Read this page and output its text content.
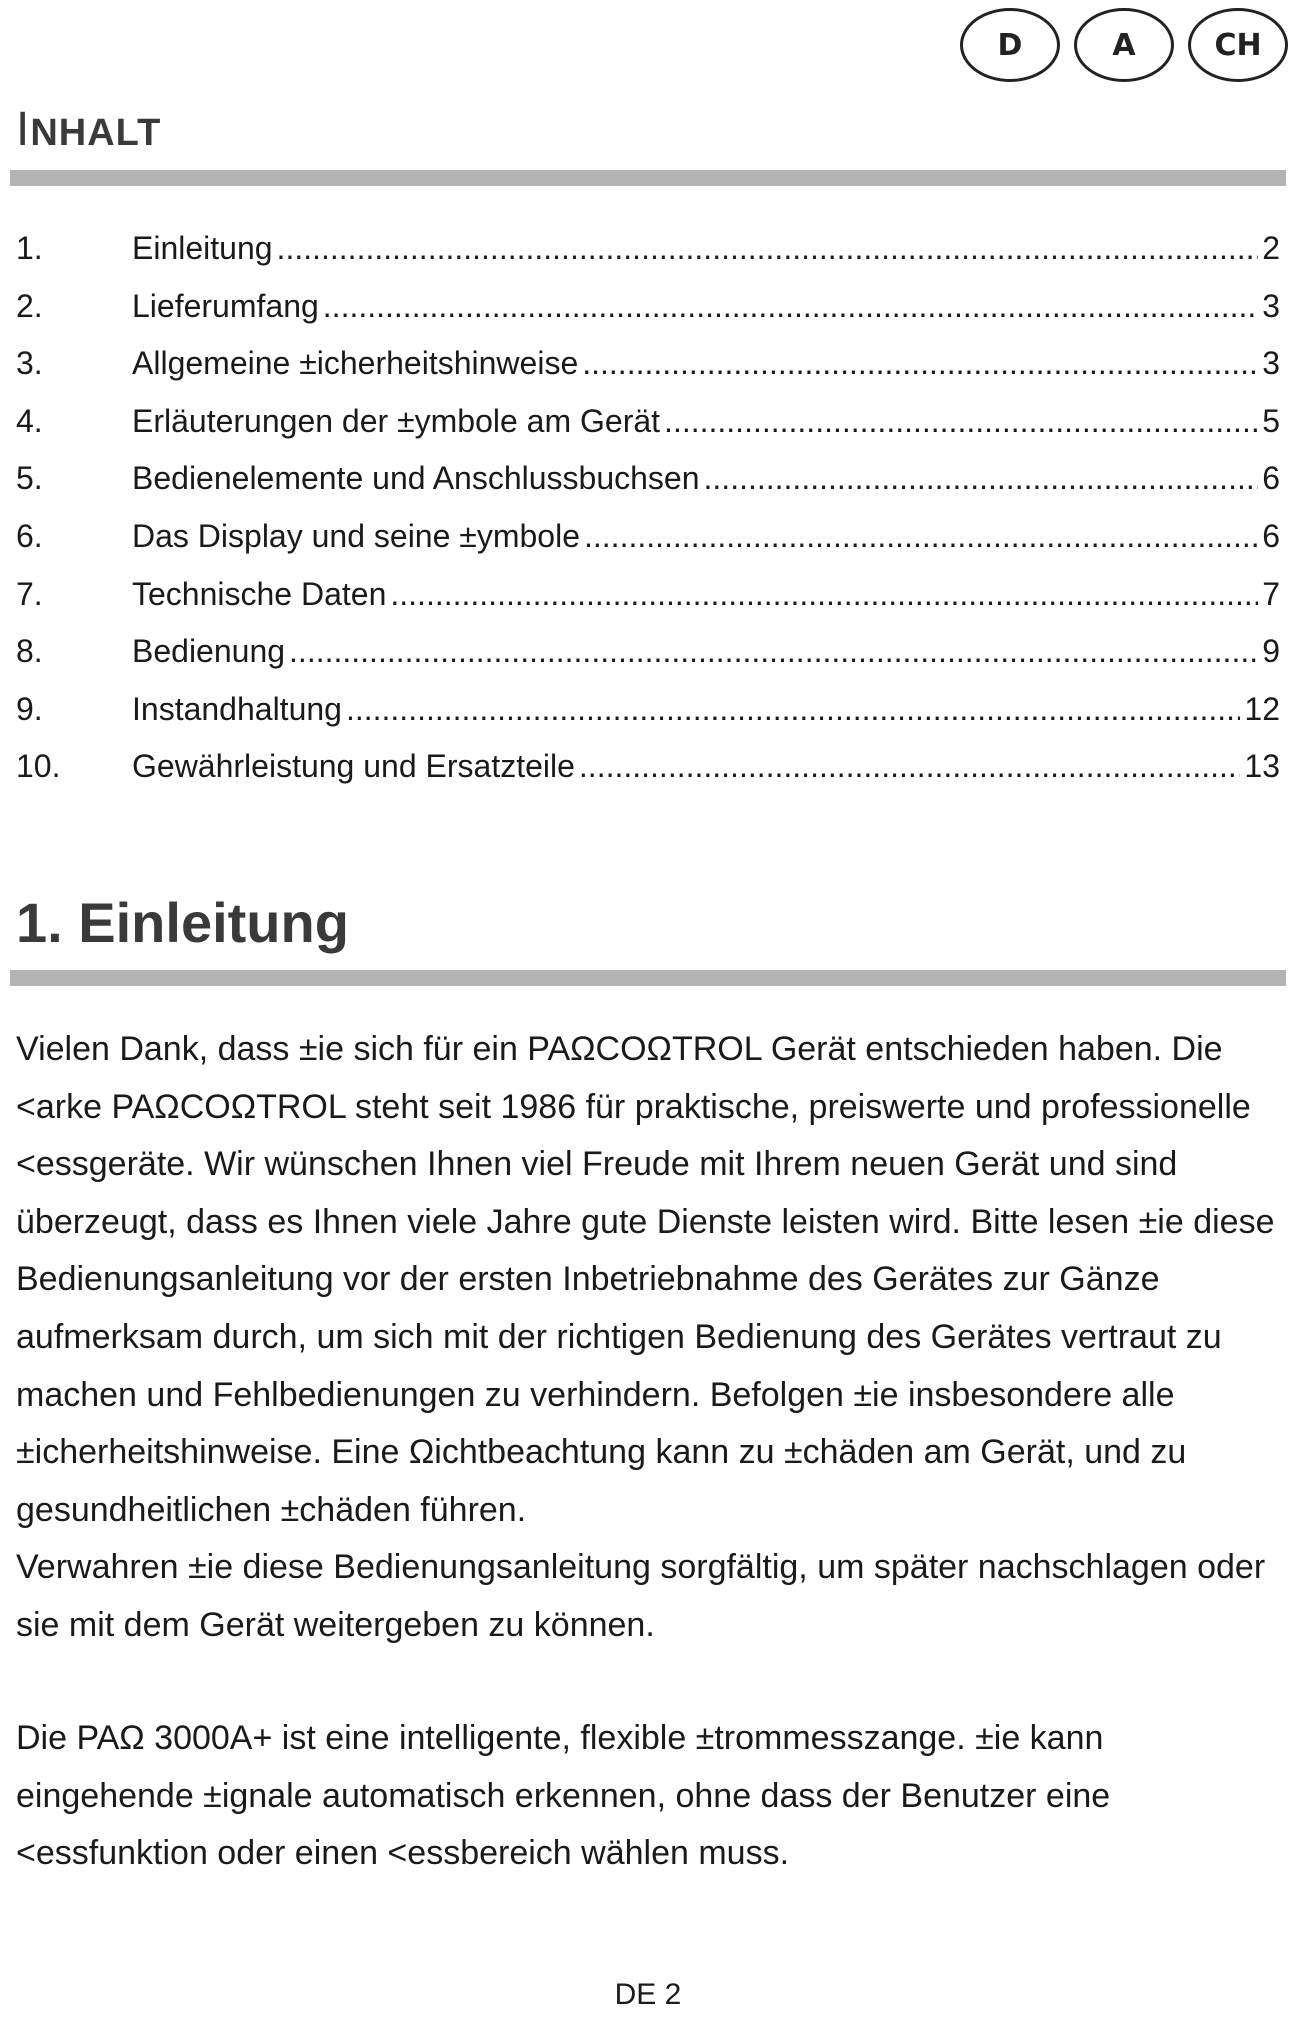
D	A	CH
INHALT
1.	Einleitung .....	2
2.	Lieferumfang .....	3
3.	Allgemeine ±icherheitshinweise .....	3
4.	Erläuterungen der ±ymbole am Gerät .....	5
5.	Bedienelemente und Anschlussbuchsen .....	6
6.	Das Display und seine ±ymbole .....	6
7.	Technische Daten .....	7
8.	Bedienung .....	9
9.	Instandhaltung .....	12
10.	Gewährleistung und Ersatzteile .....	13
1. Einleitung

Vielen Dank, dass ±ie sich für ein PAΩCOΩTROL Gerät entschieden haben. Die <arke PAΩCOΩTROL steht seit 1986 für praktische, preiswerte und professionelle <essgeräte. Wir wünschen Ihnen viel Freude mit Ihrem neuen Gerät und sind überzeugt, dass es Ihnen viele Jahre gute Dienste leisten wird. Bitte lesen ±ie diese Bedienungsanleitung vor der ersten Inbetriebnahme des Gerätes zur Gänze aufmerksam durch, um sich mit der richtigen Bedienung des Gerätes vertraut zu machen und Fehlbedienungen zu verhindern. Befolgen ±ie insbesondere alle ±icherheitshinweise. Eine Ωichtbeachtung kann zu ±chäden am Gerät, und zu gesundheitlichen ±chäden führen.

Verwahren ±ie diese Bedienungsanleitung sorgfältig, um später nachschlagen oder sie mit dem Gerät weitergeben zu können.

Die PAΩ 3000A+ ist eine intelligente, flexible ±trommesszange. ±ie kann eingehende ±ignale automatisch erkennen, ohne dass der Benutzer eine <essfunktion oder einen <essbereich wählen muss.

DE 2
